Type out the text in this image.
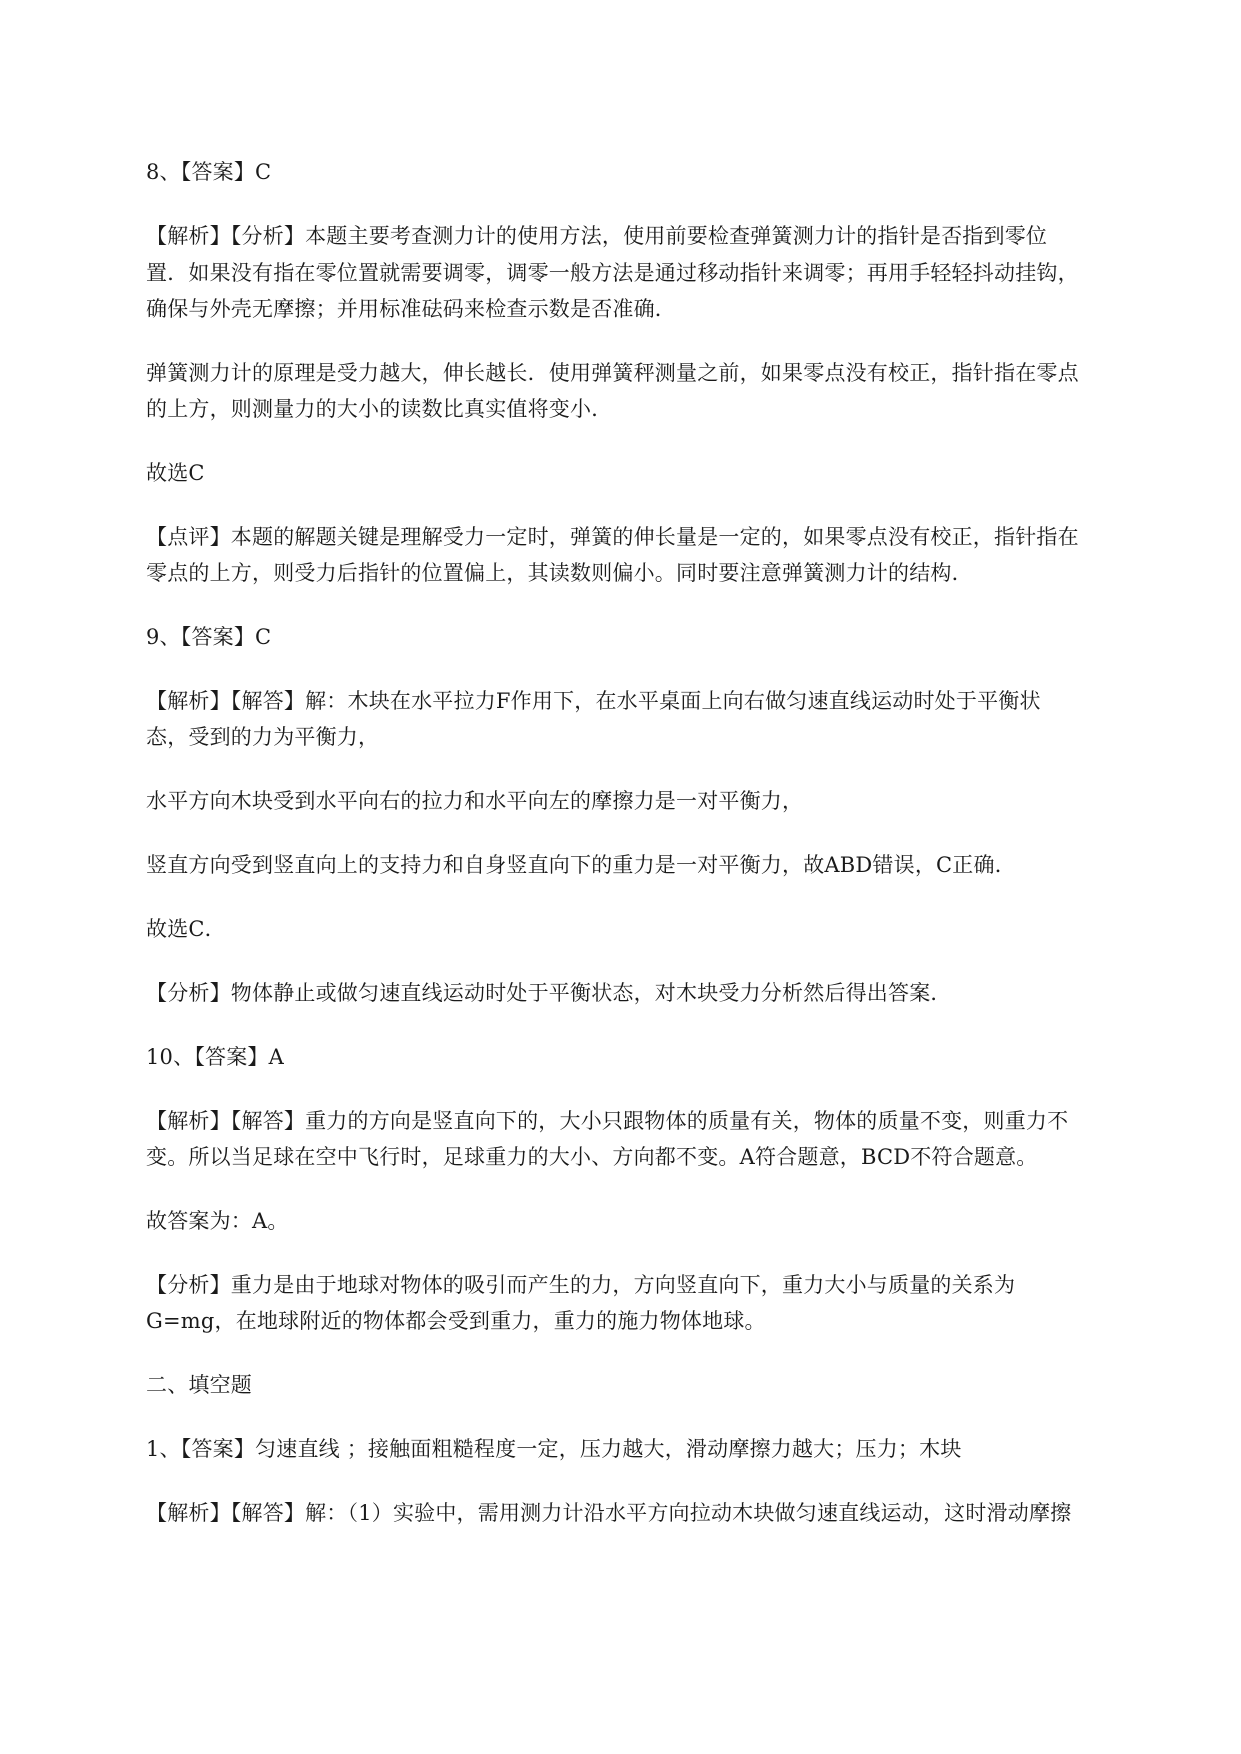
8、【答案】C
【解析】【分析】本题主要考查测力计的使用方法，使用前要检查弹簧测力计的指针是否指到零位
置．如果没有指在零位置就需要调零，调零一般方法是通过移动指针来调零；再用手轻轻抖动挂钩，
确保与外壳无摩擦；并用标准砝码来检查示数是否准确．
弹簧测力计的原理是受力越大，伸长越长．使用弹簧秤测量之前，如果零点没有校正，指针指在零点
的上方，则测量力的大小的读数比真实值将变小．
故选C
【点评】本题的解题关键是理解受力一定时，弹簧的伸长量是一定的，如果零点没有校正，指针指在
零点的上方，则受力后指针的位置偏上，其读数则偏小。同时要注意弹簧测力计的结构．
9、【答案】C
【解析】【解答】解：木块在水平拉力F作用下，在水平桌面上向右做匀速直线运动时处于平衡状
态，受到的力为平衡力，
水平方向木块受到水平向右的拉力和水平向左的摩擦力是一对平衡力，
竖直方向受到竖直向上的支持力和自身竖直向下的重力是一对平衡力，故ABD错误，C正确．
故选C．
【分析】物体静止或做匀速直线运动时处于平衡状态，对木块受力分析然后得出答案．
10、【答案】A
【解析】【解答】重力的方向是竖直向下的，大小只跟物体的质量有关，物体的质量不变，则重力不
变。所以当足球在空中飞行时，足球重力的大小、方向都不变。A符合题意，BCD不符合题意。
故答案为：A。
【分析】重力是由于地球对物体的吸引而产生的力，方向竖直向下，重力大小与质量的关系为
G=mg，在地球附近的物体都会受到重力，重力的施力物体地球。
二、填空题
1、【答案】匀速直线 ；接触面粗糙程度一定，压力越大，滑动摩擦力越大；压力；木块
【解析】【解答】解：（1）实验中，需用测力计沿水平方向拉动木块做匀速直线运动，这时滑动摩擦
